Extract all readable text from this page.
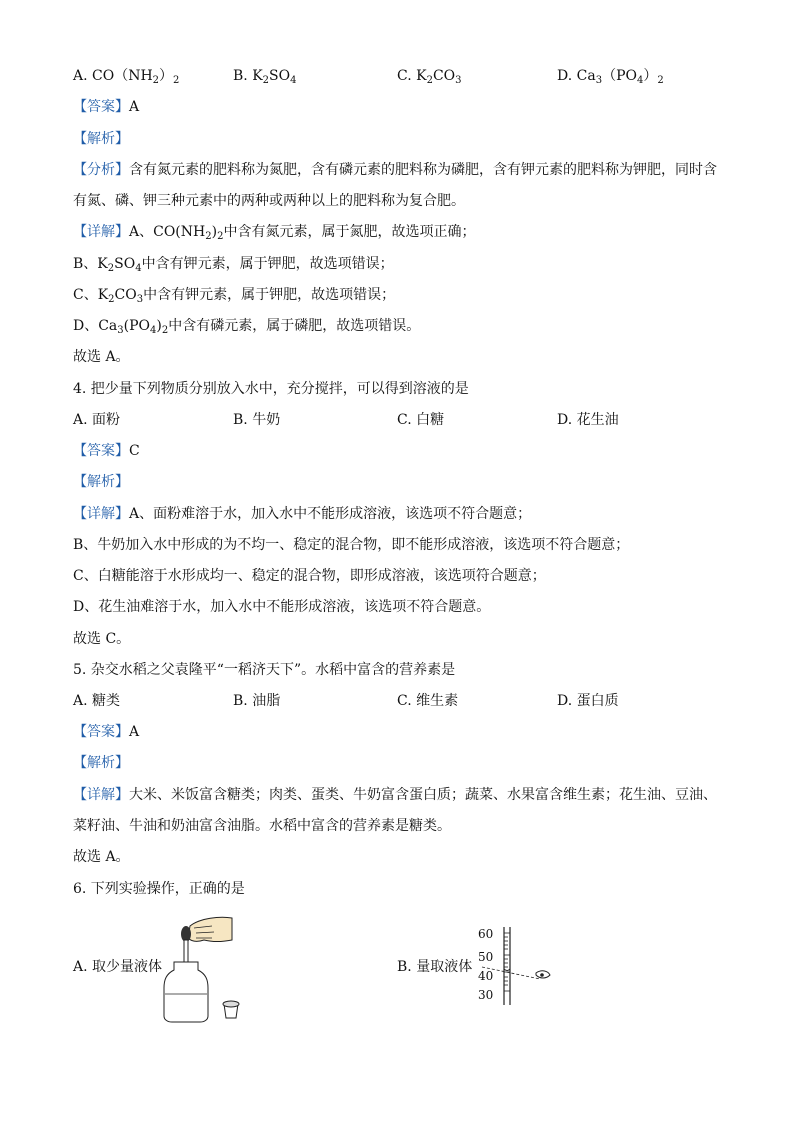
A. $CO(NH_2)_2$	B. $K_2SO_4$	C. $K_2CO_3$	D. $Ca_3(PO_4)_2$
【答案】A
【解析】
【分析】含有氮元素的肥料称为氮肥，含有磷元素的肥料称为磷肥，含有钾元素的肥料称为钾肥，同时含
有氮、磷、钾三种元素中的两种或两种以上的肥料称为复合肥。
【详解】A、$CO(NH_2)_2$中含有氮元素，属于氮肥，故选项正确；
B、$K_2SO_4$中含有钾元素，属于钾肥，故选项错误；
C、$K_2CO_3$中含有钾元素，属于钾肥，故选项错误；
D、$Ca_3(PO_4)_2$中含有磷元素，属于磷肥，故选项错误。
故选 A。
4. 把少量下列物质分别放入水中，充分搅拌，可以得到溶液的是
A. 面粉	B. 牛奶	C. 白糖	D. 花生油
【答案】C
【解析】
【详解】A、面粉难溶于水，加入水中不能形成溶液，该选项不符合题意；
B、牛奶加入水中形成的为不均一、稳定的混合物，即不能形成溶液，该选项不符合题意；
C、白糖能溶于水形成均一、稳定的混合物，即形成溶液，该选项符合题意；
D、花生油难溶于水，加入水中不能形成溶液，该选项不符合题意。
故选 C。
5. 杂交水稻之父袁隆平“一稻济天下”。水稻中富含的营养素是
A. 糖类	B. 油脂	C. 维生素	D. 蛋白质
【答案】A
【解析】
【详解】大米、米饭富含糖类；肉类、蛋类、牛奶富含蛋白质；蔬菜、水果富含维生素；花生油、豆油、
菜籽油、牛油和奶油富含油脂。水稻中富含的营养素是糖类。
故选 A。
6. 下列实验操作，正确的是
A. 取少量液体	B. 量取液体
60
50
40
30
